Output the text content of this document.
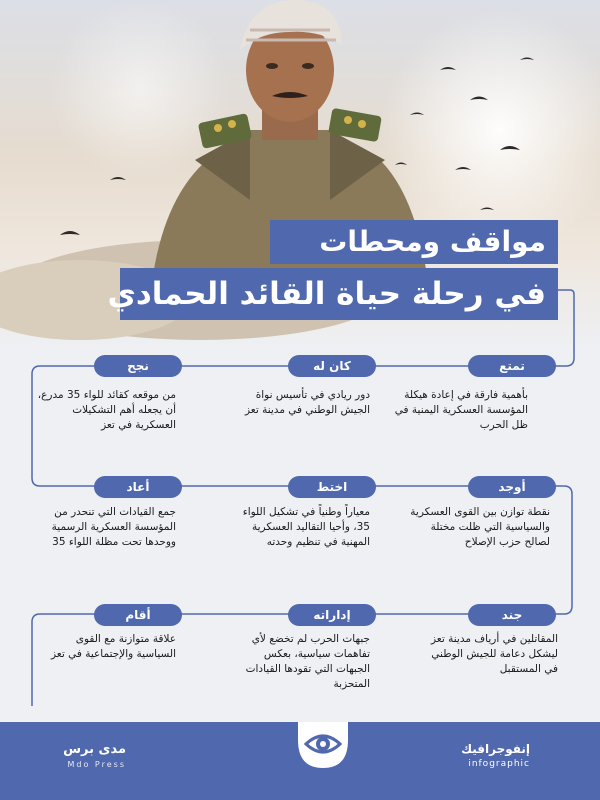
مواقف ومحطات
في رحلة حياة القائد الحمادي
تمتع
بأهمية فارقة في إعادة هيكلة المؤسسة العسكرية اليمنية في ظل الحرب
كان له
دور ريادي في تأسيس نواة الجيش الوطني في مدينة تعز
نجح
من موقعه كقائد للواء 35 مدرع، أن يجعله أهم التشكيلات العسكرية في تعز
أعاد
جمع القيادات التي تنحدر من المؤسسة العسكرية الرسمية ووحدها تحت مظلة اللواء 35
اختط
معياراً وطنياً في تشكيل اللواء 35، وأحيا التقاليد العسكرية المهنية في تنظيم وحدته
أوجد
نقطة توازن بين القوى العسكرية والسياسية التي ظلت مختلة لصالح حزب الإصلاح
جند
المقاتلين في أرياف مدينة تعز ليشكل دعامة للجيش الوطني في المستقبل
إداراته
جبهات الحرب لم تخضع لأي تفاهمات سياسية، بعكس الجبهات التي تقودها القيادات المتحزبة
أقام
علاقة متوازنة مع القوى السياسية والإجتماعية في تعز
مدى برس
Mdo Press
إنفوجرافيك
infographic
